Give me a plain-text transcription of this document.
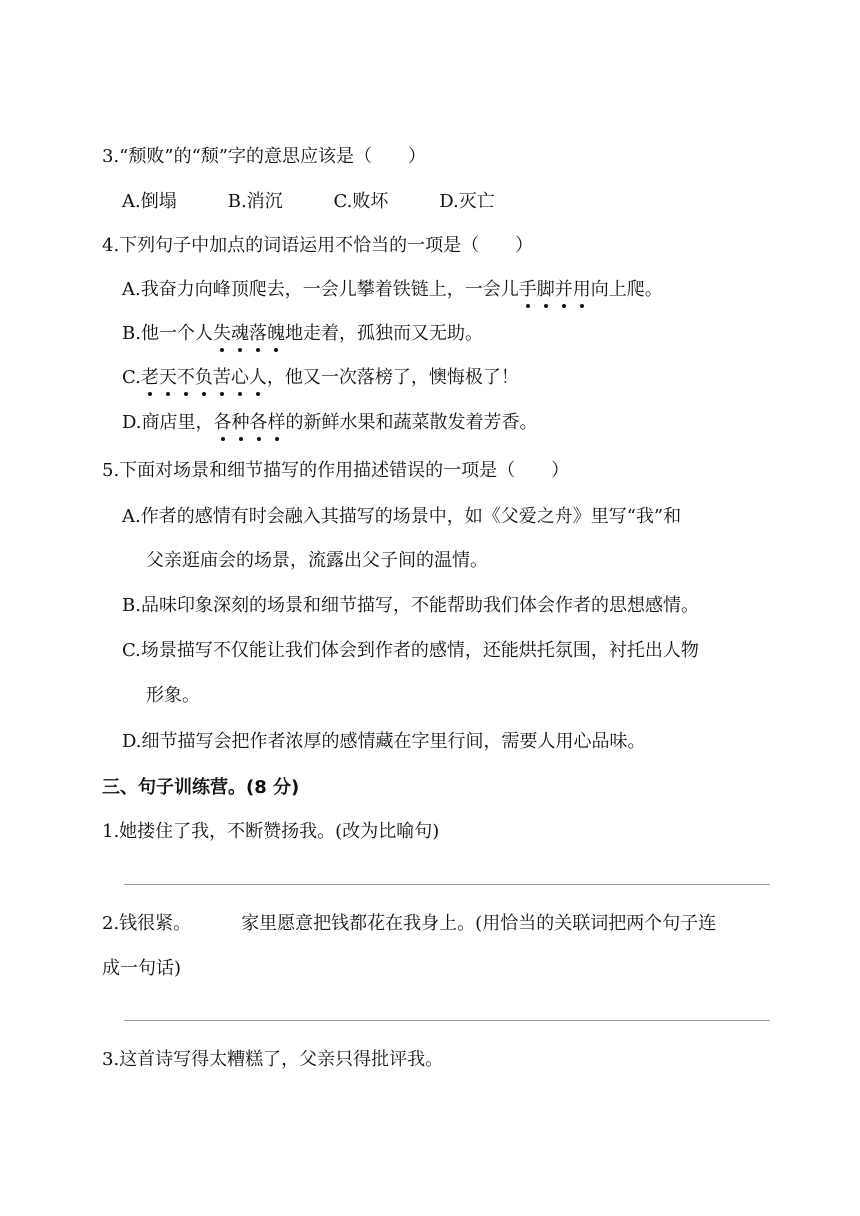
3.“颓败”的“颓”字的意思应该是（　　）
A.倒塌	B.消沉	C.败坏	D.灭亡
4.下列句子中加点的词语运用不恰当的一项是（　　）
A.我奋力向峰顶爬去，一会儿攀着铁链上，一会儿手脚并用向上爬。
B.他一个人失魂落魄地走着，孤独而又无助。
C.老天不负苦心人，他又一次落榜了，懊悔极了！
D.商店里，各种各样的新鲜水果和蔬菜散发着芳香。
5.下面对场景和细节描写的作用描述错误的一项是（　　）
A.作者的感情有时会融入其描写的场景中，如《父爱之舟》里写“我”和
父亲逛庙会的场景，流露出父子间的温情。
B.品味印象深刻的场景和细节描写，不能帮助我们体会作者的思想感情。
C.场景描写不仅能让我们体会到作者的感情，还能烘托氛围，衬托出人物
形象。
D.细节描写会把作者浓厚的感情藏在字里行间，需要人用心品味。
三、句子训练营。(8 分)
1.她搂住了我，不断赞扬我。(改为比喻句)
2.钱很紧。	家里愿意把钱都花在我身上。(用恰当的关联词把两个句子连
成一句话)
3.这首诗写得太糟糕了，父亲只得批评我。
